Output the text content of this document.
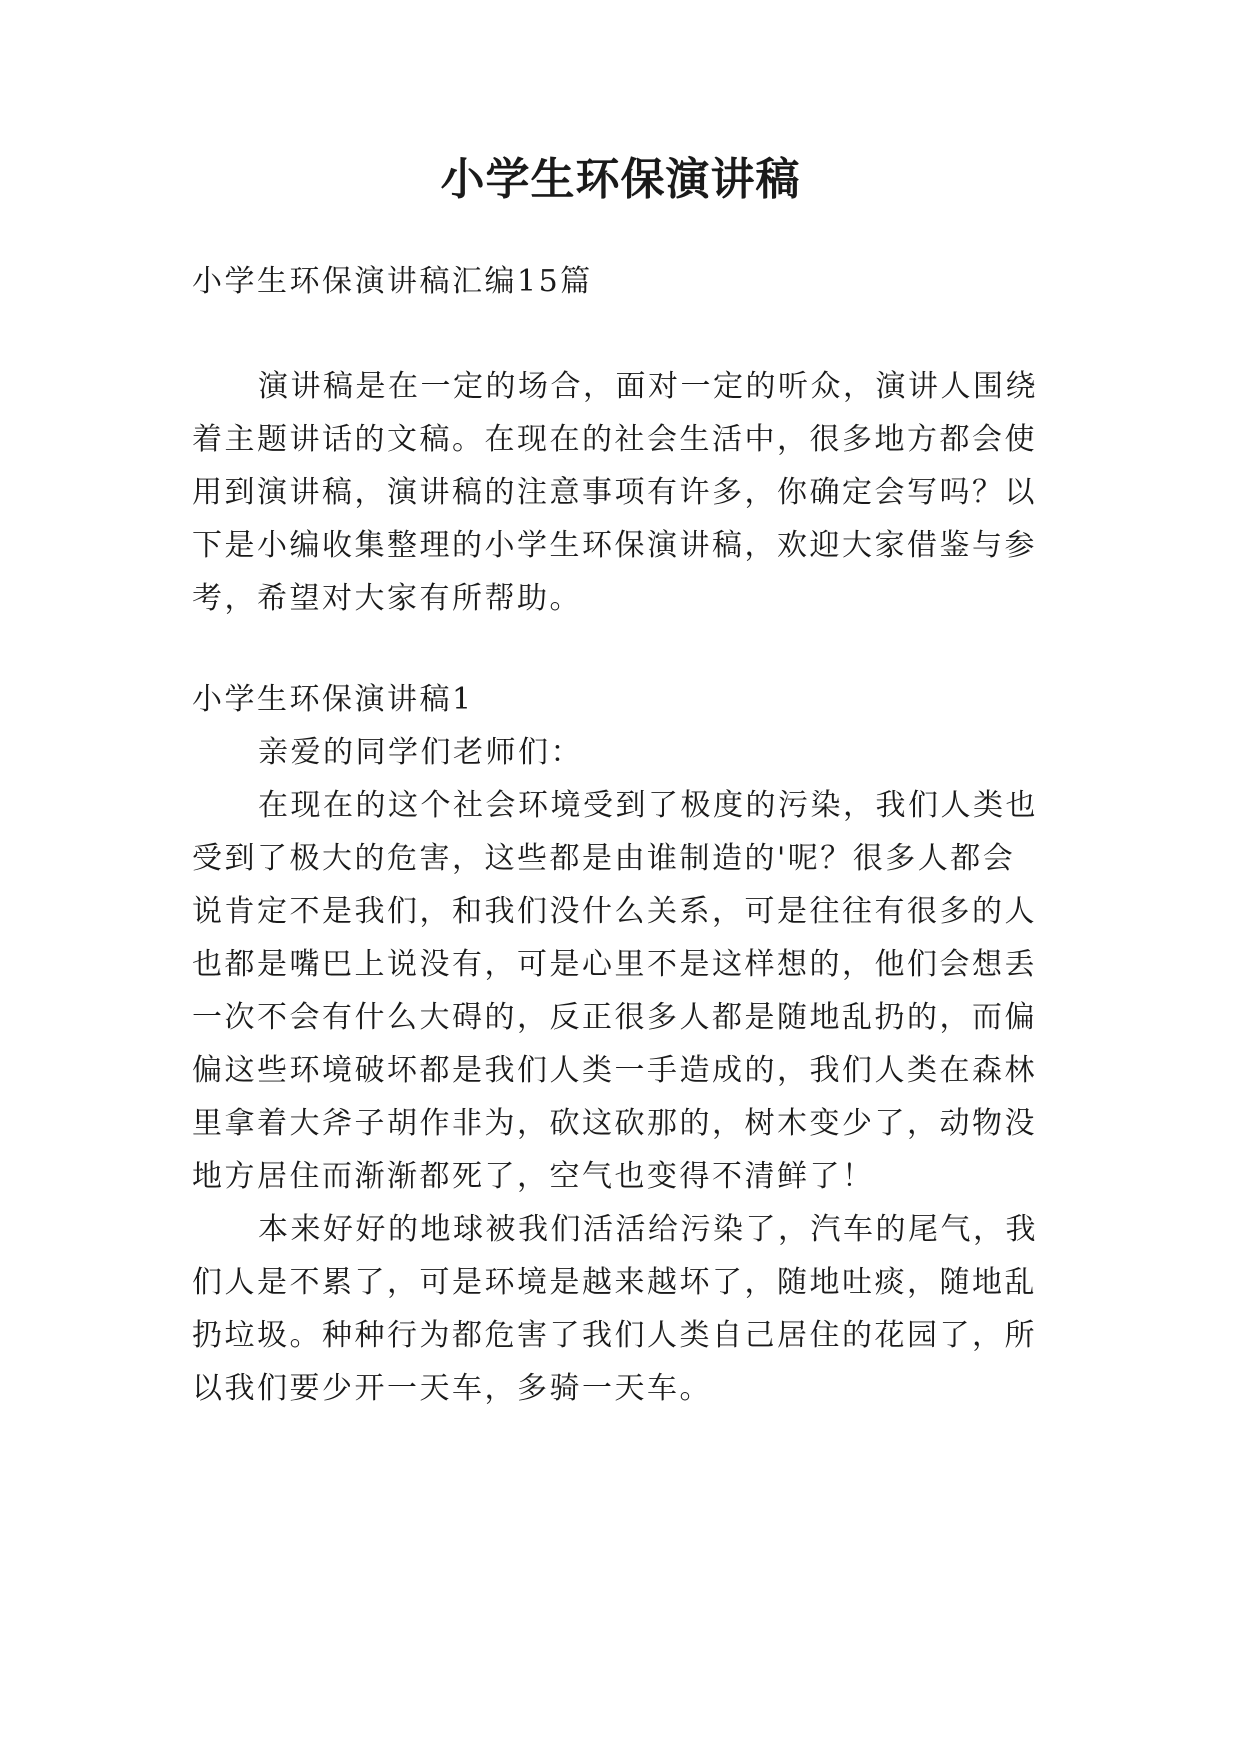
小学生环保演讲稿

小学生环保演讲稿汇编15篇

演讲稿是在一定的场合，面对一定的听众，演讲人围绕

着主题讲话的文稿。在现在的社会生活中，很多地方都会使

用到演讲稿，演讲稿的注意事项有许多，你确定会写吗？以

下是小编收集整理的小学生环保演讲稿，欢迎大家借鉴与参

考，希望对大家有所帮助。

小学生环保演讲稿1

亲爱的同学们老师们：

在现在的这个社会环境受到了极度的污染，我们人类也

受到了极大的危害，这些都是由谁制造的'呢？很多人都会

说肯定不是我们，和我们没什么关系，可是往往有很多的人

也都是嘴巴上说没有，可是心里不是这样想的，他们会想丢

一次不会有什么大碍的，反正很多人都是随地乱扔的，而偏

偏这些环境破坏都是我们人类一手造成的，我们人类在森林

里拿着大斧子胡作非为，砍这砍那的，树木变少了，动物没

地方居住而渐渐都死了，空气也变得不清鲜了！

本来好好的地球被我们活活给污染了，汽车的尾气，我

们人是不累了，可是环境是越来越坏了，随地吐痰，随地乱

扔垃圾。种种行为都危害了我们人类自己居住的花园了，所

以我们要少开一天车，多骑一天车。
